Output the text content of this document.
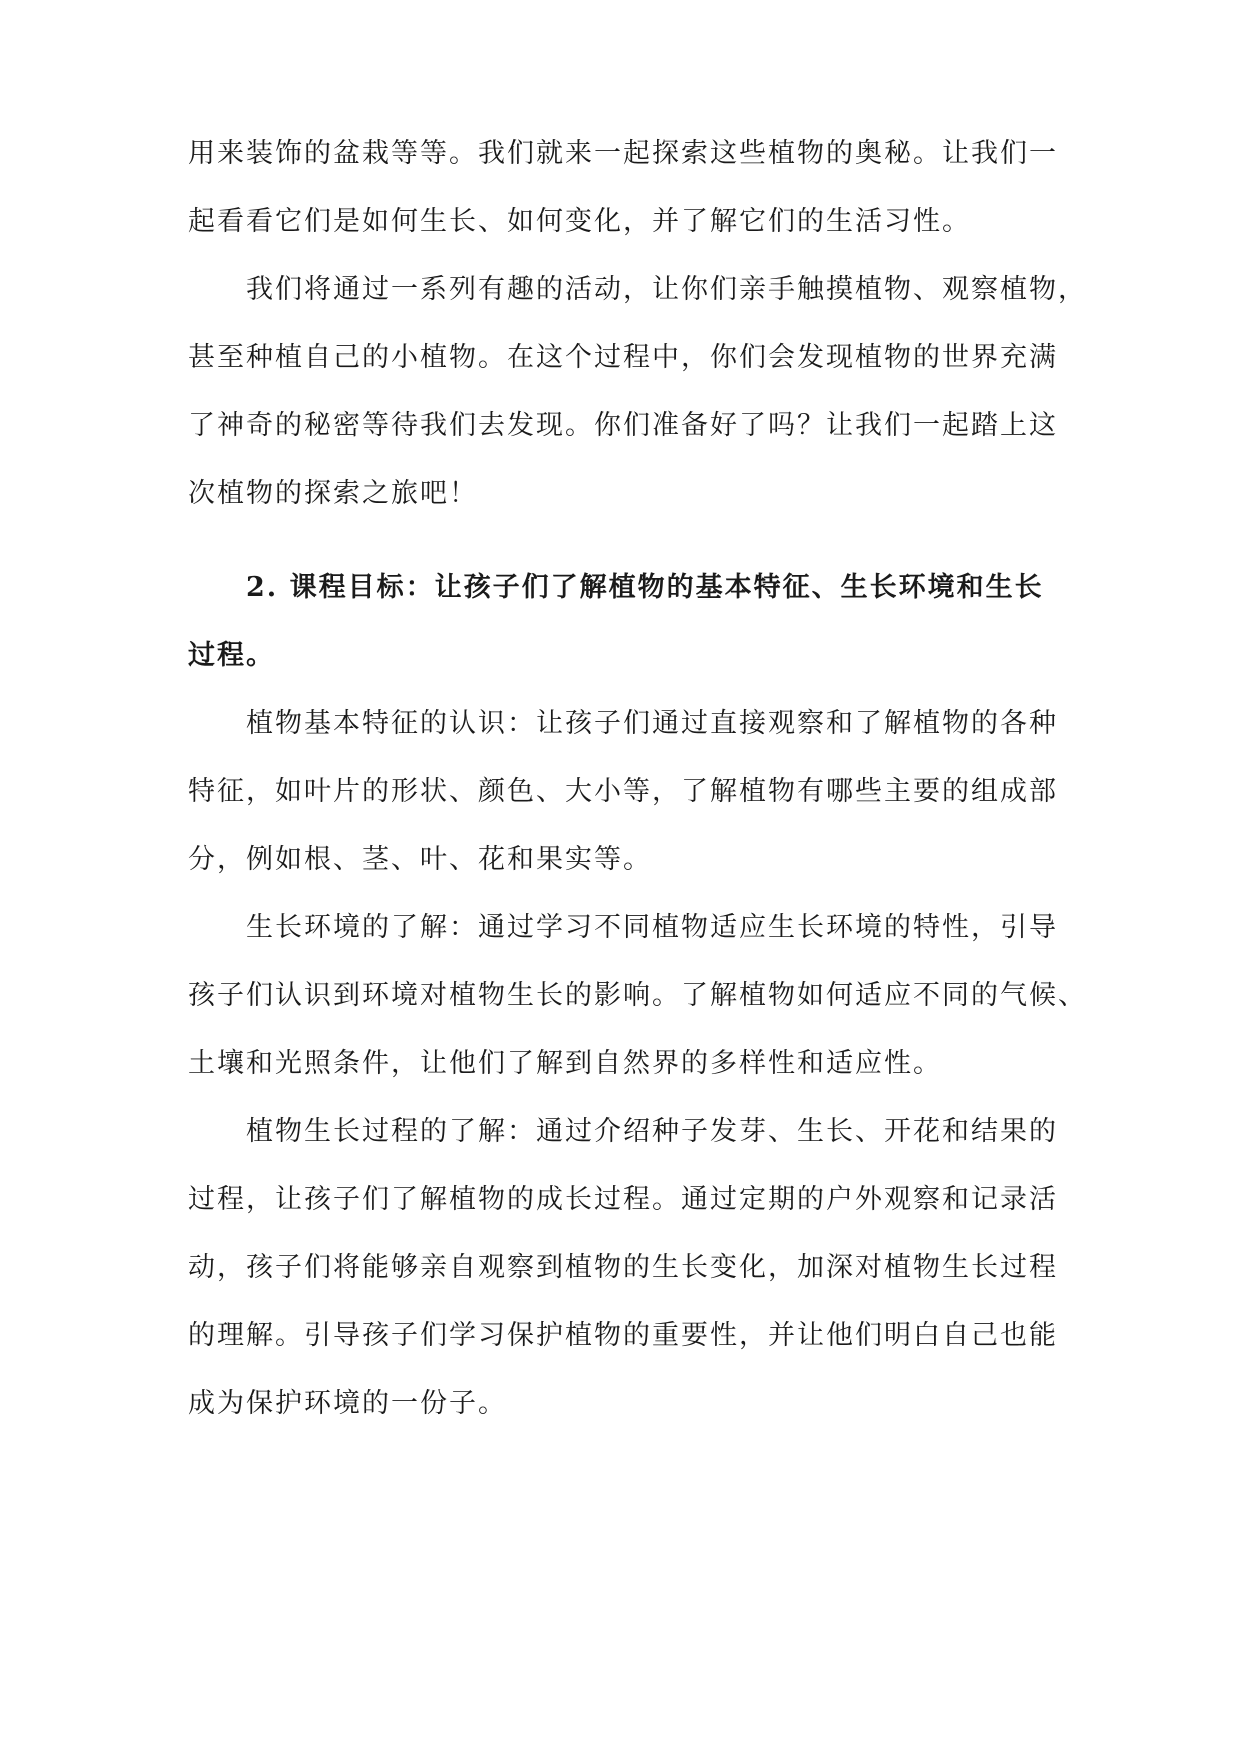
用来装饰的盆栽等等。我们就来一起探索这些植物的奥秘。让我们一
起看看它们是如何生长、如何变化，并了解它们的生活习性。
我们将通过一系列有趣的活动，让你们亲手触摸植物、观察植物，
甚至种植自己的小植物。在这个过程中，你们会发现植物的世界充满
了神奇的秘密等待我们去发现。你们准备好了吗？让我们一起踏上这
次植物的探索之旅吧！
2. 课程目标：让孩子们了解植物的基本特征、生长环境和生长
过程。
植物基本特征的认识：让孩子们通过直接观察和了解植物的各种
特征，如叶片的形状、颜色、大小等，了解植物有哪些主要的组成部
分，例如根、茎、叶、花和果实等。
生长环境的了解：通过学习不同植物适应生长环境的特性，引导
孩子们认识到环境对植物生长的影响。了解植物如何适应不同的气候、
土壤和光照条件，让他们了解到自然界的多样性和适应性。
植物生长过程的了解：通过介绍种子发芽、生长、开花和结果的
过程，让孩子们了解植物的成长过程。通过定期的户外观察和记录活
动，孩子们将能够亲自观察到植物的生长变化，加深对植物生长过程
的理解。引导孩子们学习保护植物的重要性，并让他们明白自己也能
成为保护环境的一份子。
